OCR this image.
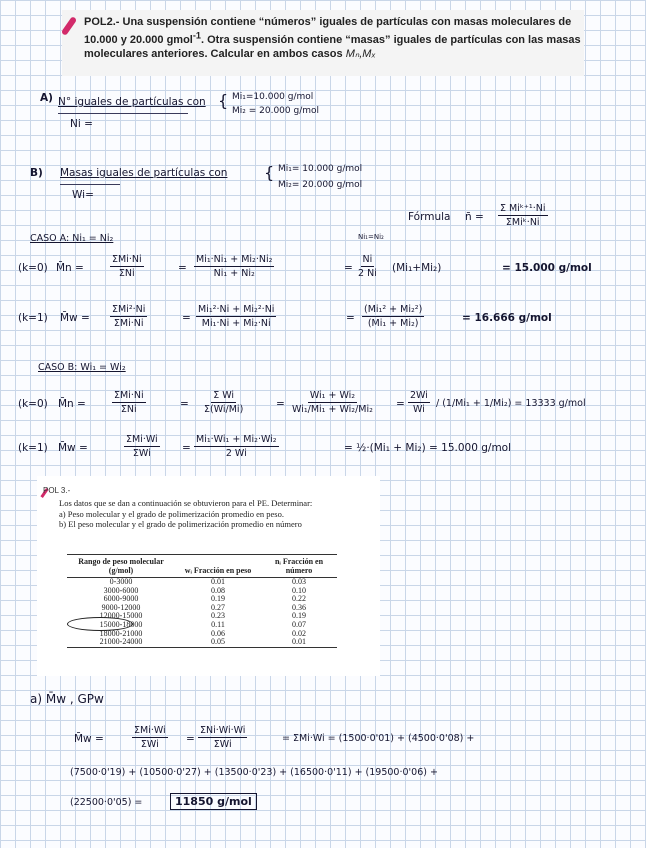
POL2.- Una suspensión contiene “números” iguales de partículas con masas moleculares de 10.000 y 20.000 gmol$^{-1}$. Otra suspensión contiene “masas” iguales de partículas con las masas moleculares anteriores. Calcular en ambos casos Mₙ,Mₓ
A) N° iguales de partículas con { Mi₁=10.000 g/mol
Mi₂ = 20.000 g/mol
Ni =
B) Masas iguales de partículas con { Mi₁= 10.000 g/mol
Mi₂= 20.000 g/mol
Wi=
Fórmula n̄ =
Σ Miᵏ⁺¹·Ni
ΣMiᵏ·Ni
CASO A: Ni₁ = Ni₂	Ni₁=Ni₂
(k=0) M̄n =
ΣMi·Ni
ΣNi	= $\frac{\text{Mi₁·Ni₁ + Mi₂·Ni₂}}{\text{Ni₁ + Ni₂}}$	= $\frac{Ni}{2 Ni} (Mi_1+Mi_2)$	= 15.000 g/mol
(k=1) M̄w =
ΣMi²·Ni
ΣMi·Ni	= $\frac{\text{Mi₁²·Ni + Mi₂²·Ni}}{\text{Mi₁·Ni + Mi₂·Ni}}$	= $\frac{\text{(Mi₁² + Mi₂²)}}{\text{(Mi₁ + Mi₂)}}$	= 16.666 g/mol
CASO B: Wi₁ = Wi₂
(k=0) M̄n =
ΣMi·Ni
ΣNi	= $\frac{\text{Σ Wi}}{\Sigma(Wi/Mi)}$	= $\frac{\text{Wi₁ + Wi₂}}{\text{Wi₁/Mi₁ + Wi₂/Mi₂}} = \frac{2Wi}{Wi} / (1/Mi_1 + 1/Mi_2) = 13333$ g/mol
(k=1) M̄w =
ΣMi·Wi
ΣWi	= $\frac{\text{Mi₁·Wi₁ + Mi₂·Wi₂}}{2 Wi}$	= ½·(Mi₁ + Mi₂) = 15.000 g/mol
POL 3.-
Los datos que se dan a continuación se obtuvieron para el PE. Determinar:
a) Peso molecular y el grado de polimerización promedio en peso.
b) El peso molecular y el grado de polimerización promedio en número
Rango de peso molecular (g/mol)	wᵢ Fracción en peso	nᵢ Fracción en número
0-3000	0.01	0.03
3000-6000	0.08	0.10
6000-9000	0.19	0.22
9000-12000	0.27	0.36
12000-15000	0.23	0.19
15000-18000	0.11	0.07
18000-21000	0.06	0.02
21000-24000	0.05	0.01
a) M̄w , GPw
M̄w =
ΣMi·Wi
ΣWi	=
ΣNi·Wi·Wi
ΣWi
= ΣMi·Wi = (1500·0'01) + (4500·0'08) +
(7500·0'19) + (10500·0'27) + (13500·0'23) + (16500·0'11) + (19500·0'06) +
(22500·0'05) =	11850 g/mol
